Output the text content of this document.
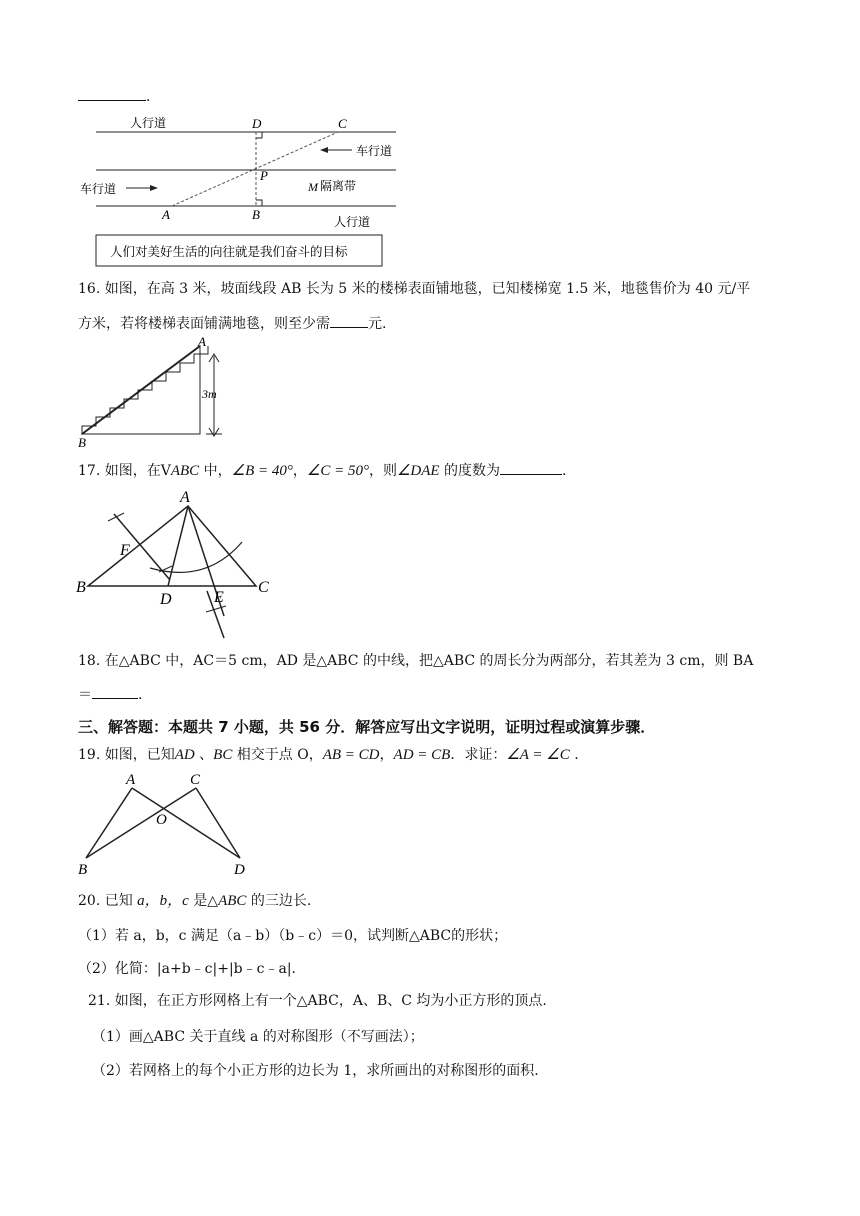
.
D	C
P
A	B
人行道
车行道
M 隔离带
车行道
人行道
人们对美好生活的向往就是我们奋斗的目标
16. 如图，在高 3 米，坡面线段 AB 长为 5 米的楼梯表面铺地毯，已知楼梯宽 1.5 米，地毯售价为 40 元/平
方米，若将楼梯表面铺满地毯，则至少需	元.
A
B
3m
17. 如图，在VABC 中，∠B = 40°，∠C = 50°，则∠DAE 的度数为	.
A
F
B
D	E
C
18. 在△ABC 中，AC＝5 cm，AD 是△ABC 的中线，把△ABC 的周长分为两部分，若其差为 3 cm，则 BA
＝	.
三、解答题：本题共 7 小题，共 56 分．解答应写出文字说明，证明过程或演算步骤．
19. 如图，已知AD 、BC 相交于点 O，AB = CD，AD = CB．求证：∠A = ∠C .
A	C
O
B	D
20. 已知 a，b，c 是△ABC 的三边长.
（1）若 a，b，c 满足（a﹣b）（b﹣c）＝0，试判断△ABC的形状；
（2）化简：|a+b﹣c|+|b﹣c﹣a|.
21. 如图，在正方形网格上有一个△ABC，A、B、C 均为小正方形的顶点.
（1）画△ABC 关于直线 a 的对称图形（不写画法）；
（2）若网格上的每个小正方形的边长为 1，求所画出的对称图形的面积.
